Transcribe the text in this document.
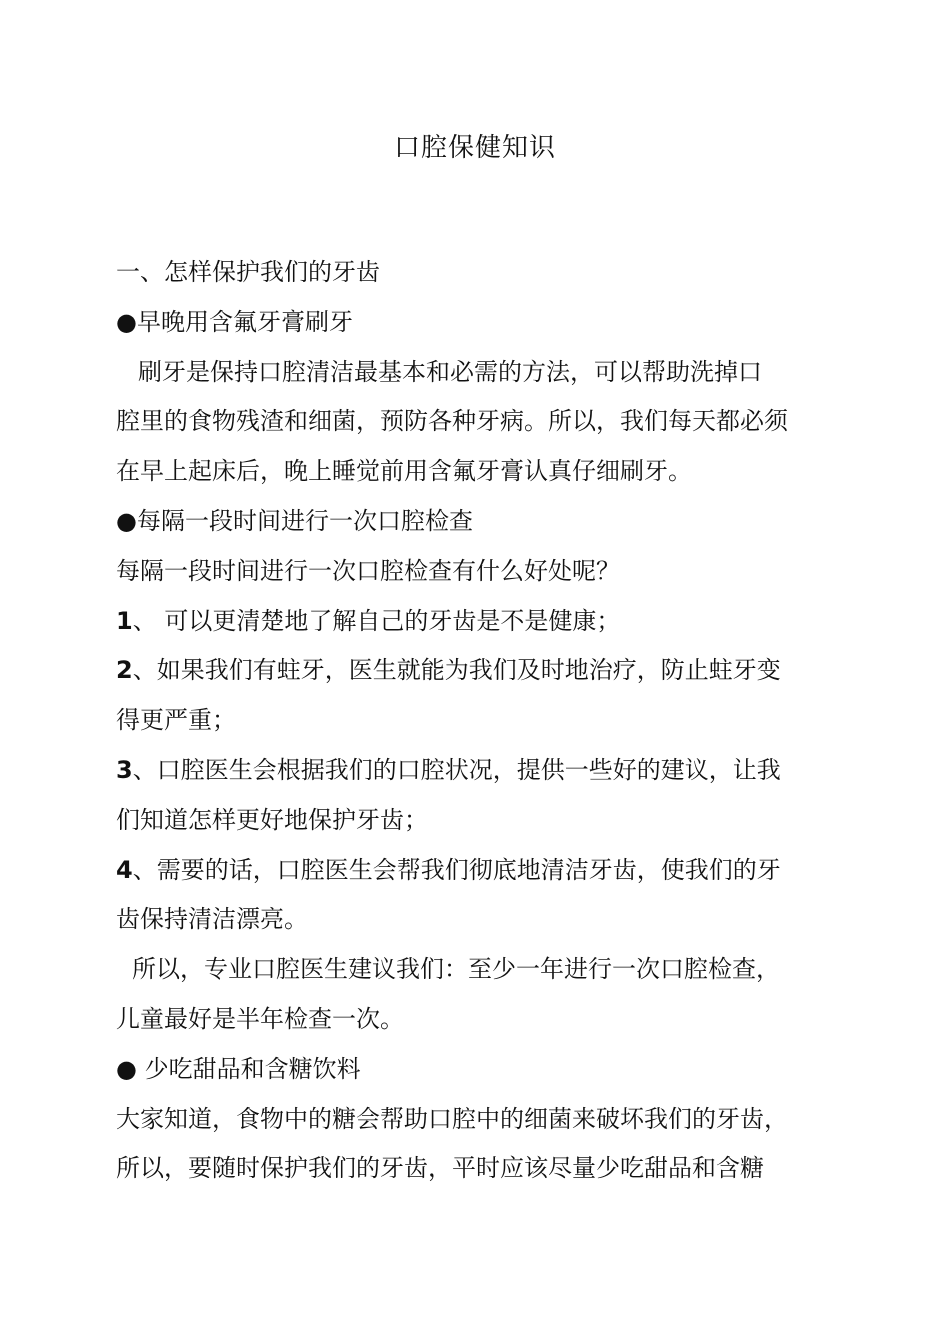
口腔保健知识
一、怎样保护我们的牙齿
●早晚用含氟牙膏刷牙
刷牙是保持口腔清洁最基本和必需的方法，可以帮助洗掉口
腔里的食物残渣和细菌，预防各种牙病。所以，我们每天都必须
在早上起床后，晚上睡觉前用含氟牙膏认真仔细刷牙。
●每隔一段时间进行一次口腔检查
每隔一段时间进行一次口腔检查有什么好处呢？
1、 可以更清楚地了解自己的牙齿是不是健康；
2、如果我们有蛀牙，医生就能为我们及时地治疗，防止蛀牙变
得更严重；
3、口腔医生会根据我们的口腔状况，提供一些好的建议，让我
们知道怎样更好地保护牙齿；
4、需要的话，口腔医生会帮我们彻底地清洁牙齿，使我们的牙
齿保持清洁漂亮。
所以，专业口腔医生建议我们：至少一年进行一次口腔检查，
儿童最好是半年检查一次。
● 少吃甜品和含糖饮料
大家知道，食物中的糖会帮助口腔中的细菌来破坏我们的牙齿，
所以，要随时保护我们的牙齿，平时应该尽量少吃甜品和含糖
